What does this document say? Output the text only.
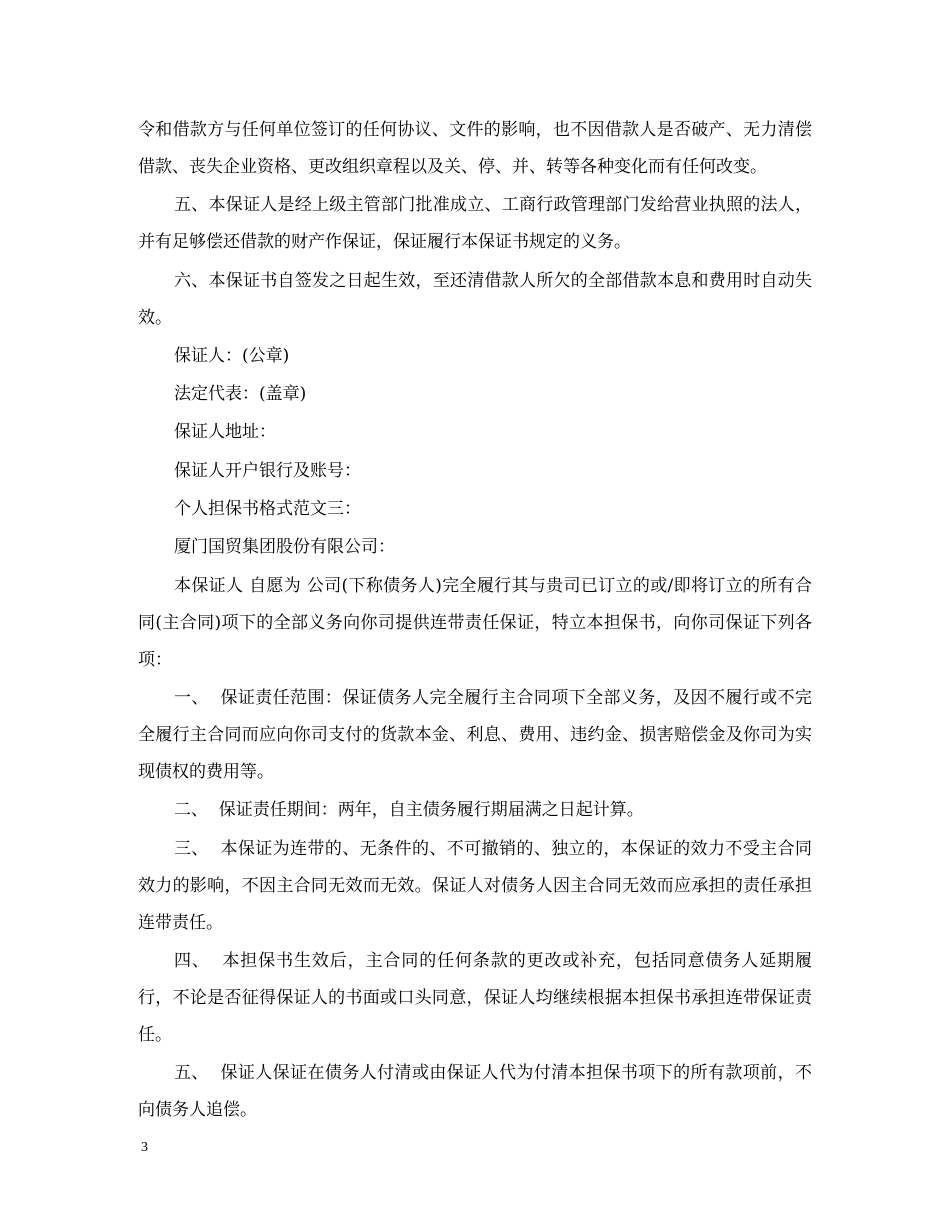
令和借款方与任何单位签订的任何协议、文件的影响，也不因借款人是否破产、无力清偿借款、丧失企业资格、更改组织章程以及关、停、并、转等各种变化而有任何改变。

五、本保证人是经上级主管部门批准成立、工商行政管理部门发给营业执照的法人，并有足够偿还借款的财产作保证，保证履行本保证书规定的义务。

六、本保证书自签发之日起生效，至还清借款人所欠的全部借款本息和费用时自动失效。

保证人：(公章)

法定代表：(盖章)

保证人地址：

保证人开户银行及账号：

个人担保书格式范文三：

厦门国贸集团股份有限公司：

本保证人 自愿为 公司(下称债务人)完全履行其与贵司已订立的或/即将订立的所有合同(主合同)项下的全部义务向你司提供连带责任保证，特立本担保书，向你司保证下列各项：

一、  保证责任范围：保证债务人完全履行主合同项下全部义务，及因不履行或不完全履行主合同而应向你司支付的货款本金、利息、费用、违约金、损害赔偿金及你司为实现债权的费用等。

二、  保证责任期间：两年，自主债务履行期届满之日起计算。

三、  本保证为连带的、无条件的、不可撤销的、独立的，本保证的效力不受主合同效力的影响，不因主合同无效而无效。保证人对债务人因主合同无效而应承担的责任承担连带责任。

四、  本担保书生效后，主合同的任何条款的更改或补充，包括同意债务人延期履行，不论是否征得保证人的书面或口头同意，保证人均继续根据本担保书承担连带保证责任。

五、  保证人保证在债务人付清或由保证人代为付清本担保书项下的所有款项前，不向债务人追偿。

3
